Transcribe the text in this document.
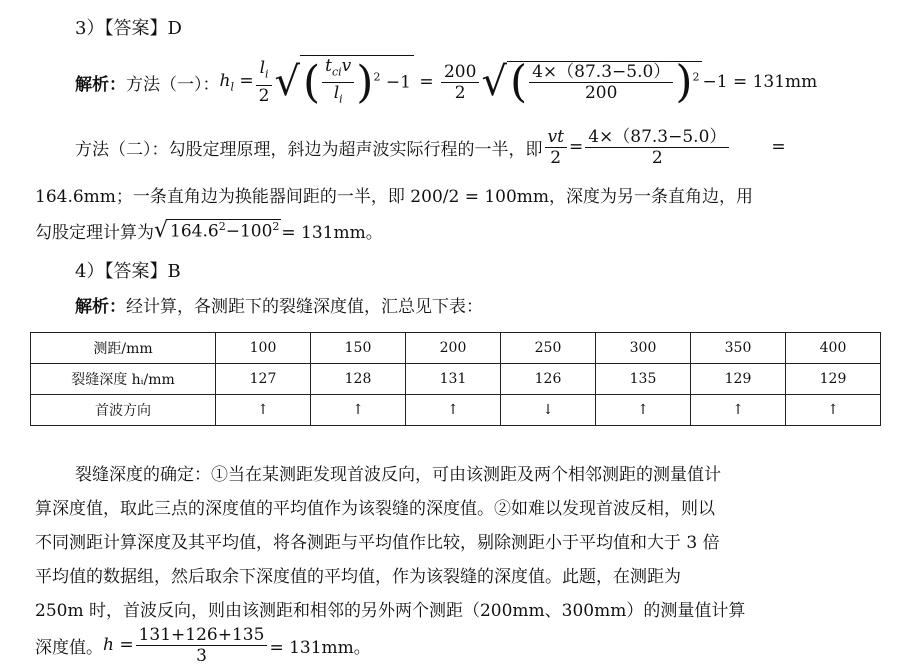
3）【答案】D
解析： 方法（一）： $h_l = \frac{l_i}{2}$ √ ( $\frac{t_{ci}v}{l_i} )^2 -1 = \frac{200}{2}$ √ ( $\frac{4\times(87.3-5.0)}{200} )^2 -1 = 131mm$
方法（二）：勾股定理原理，斜边为超声波实际行程的一半，即 $\frac{vt}{2} = \frac{4\times(87.3-5.0)}{2}$ =
164.6mm；一条直角边为换能器间距的一半，即 200/2 = 100mm，深度为另一条直角边，用
勾股定理计算为 √ $164.6^2-100^2 = 131mm$。
4）【答案】B
解析：经计算，各测距下的裂缝深度值，汇总见下表：
测距/mm	100	150	200	250	300	350	400
裂缝深度 hᵢ/mm	127	128	131	126	135	129	129
首波方向	↑	↑	↑	↓	↑	↑	↑
裂缝深度的确定：①当在某测距发现首波反向，可由该测距及两个相邻测距的测量值计
算深度值，取此三点的深度值的平均值作为该裂缝的深度值。②如难以发现首波反相，则以
不同测距计算深度及其平均值，将各测距与平均值作比较，剔除测距小于平均值和大于 3 倍
平均值的数据组，然后取余下深度值的平均值，作为该裂缝的深度值。此题，在测距为
250m 时，首波反向，则由该测距和相邻的另外两个测距（200mm、300mm）的测量值计算
深度值。 $h = \frac{131+126+135}{3} = 131mm$。
